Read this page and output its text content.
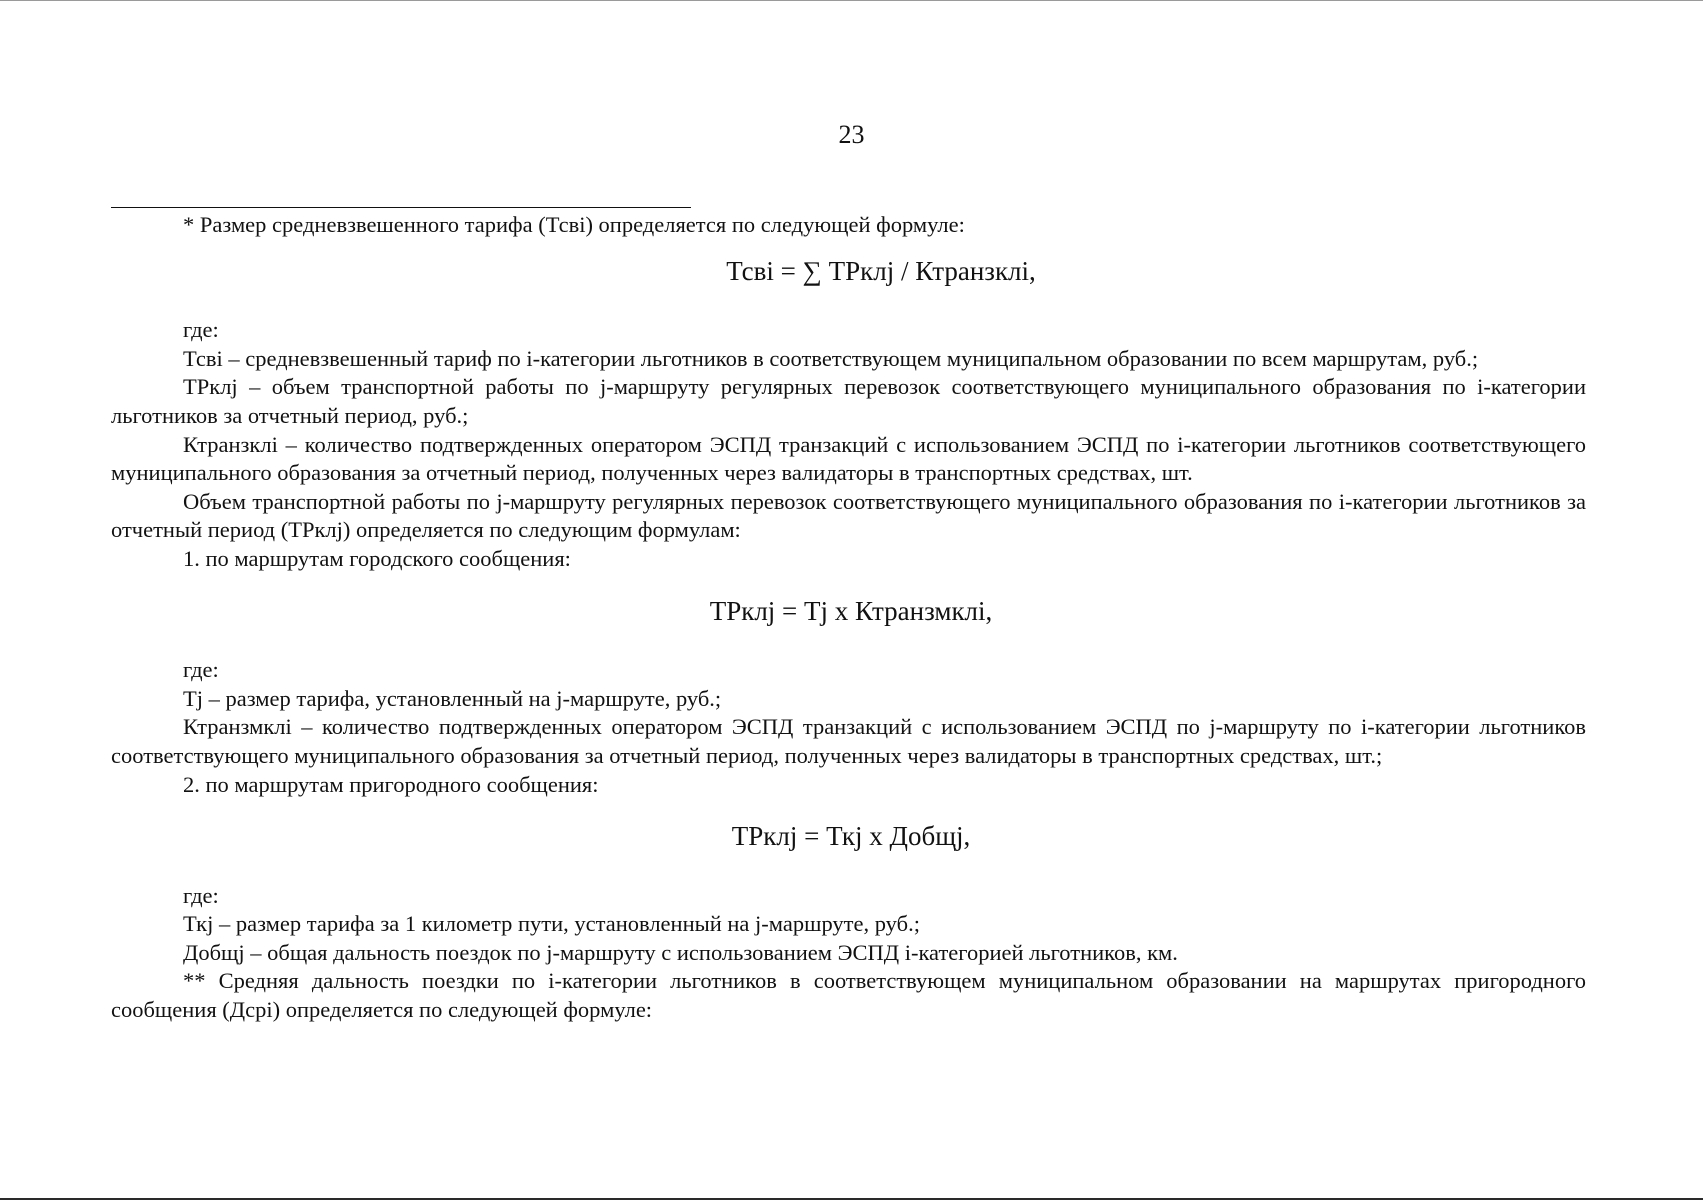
23

* Размер средневзвешенного тарифа (Тсвi) определяется по следующей формуле:

Тсвi = ∑ ТРклj / Ктранзклi,

где:

Тсвi – средневзвешенный тариф по i-категории льготников в соответствующем муниципальном образовании по всем маршрутам, руб.;

ТРклj – объем транспортной работы по j-маршруту регулярных перевозок соответствующего муниципального образования по i-категории льготников за отчетный период, руб.;

Ктранзклi – количество подтвержденных оператором ЭСПД транзакций с использованием ЭСПД по i-категории льготников соответствующего муниципального образования за отчетный период, полученных через валидаторы в транспортных средствах, шт.

Объем транспортной работы по j-маршруту регулярных перевозок соответствующего муниципального образования по i-категории льготников за отчетный период (ТРклj) определяется по следующим формулам:

1. по маршрутам городского сообщения:

ТРклj = Тj х Ктранзмклi,

где:

Тj – размер тарифа, установленный на j-маршруте, руб.;

Ктранзмклi – количество подтвержденных оператором ЭСПД транзакций с использованием ЭСПД по j-маршруту по i-категории льготников соответствующего муниципального образования за отчетный период, полученных через валидаторы в транспортных средствах, шт.;

2. по маршрутам пригородного сообщения:

ТРклj = Ткj х Добщj,

где:

Ткj – размер тарифа за 1 километр пути, установленный на j-маршруте, руб.;

Добщj – общая дальность поездок по j-маршруту с использованием ЭСПД i-категорией льготников, км.

** Средняя дальность поездки по i-категории льготников в соответствующем муниципальном образовании на маршрутах пригородного сообщения (Дсрi) определяется по следующей формуле:
